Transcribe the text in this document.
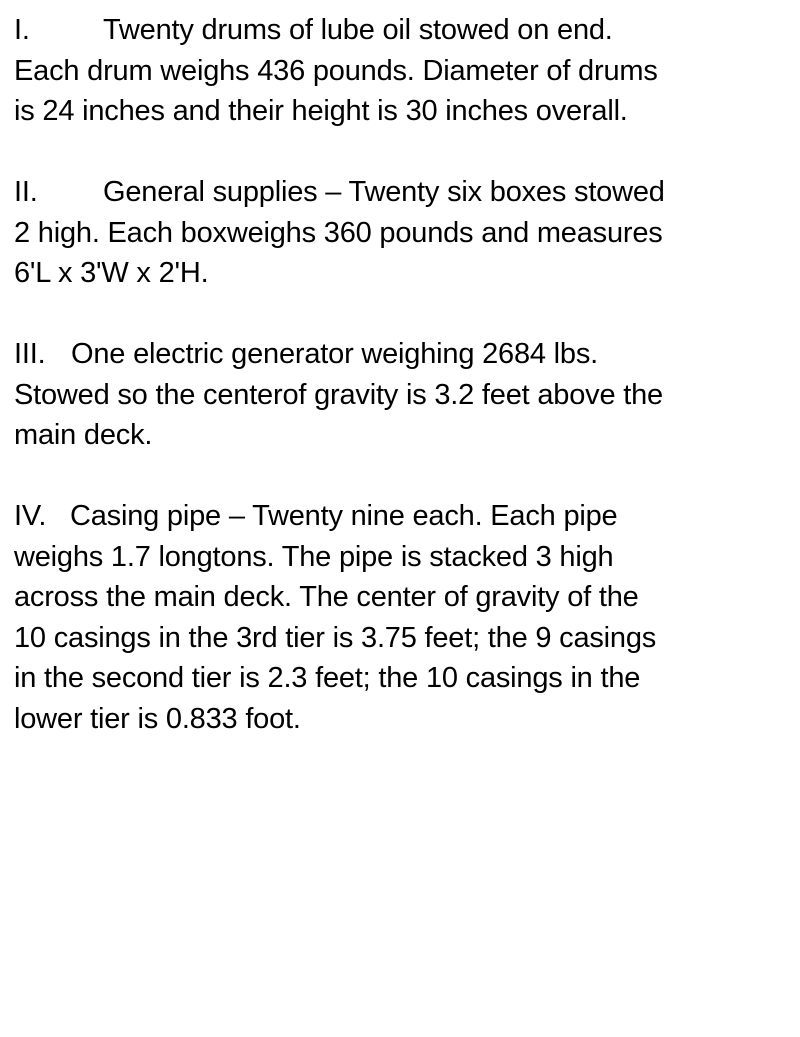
I.	Twenty drums of lube oil stowed on end.
Each drum weighs 436 pounds. Diameter of drums
is 24 inches and their height is 30 inches overall.
II. General supplies – Twenty six boxes stowed
2 high. Each boxweighs 360 pounds and measures
6'L x 3'W x 2'H.
III. One electric generator weighing 2684 lbs.
Stowed so the centerof gravity is 3.2 feet above the
main deck.
IV. Casing pipe – Twenty nine each. Each pipe
weighs 1.7 longtons. The pipe is stacked 3 high
across the main deck. The center of gravity of the
10 casings in the 3rd tier is 3.75 feet; the 9 casings
in the second tier is 2.3 feet; the 10 casings in the
lower tier is 0.833 foot.
